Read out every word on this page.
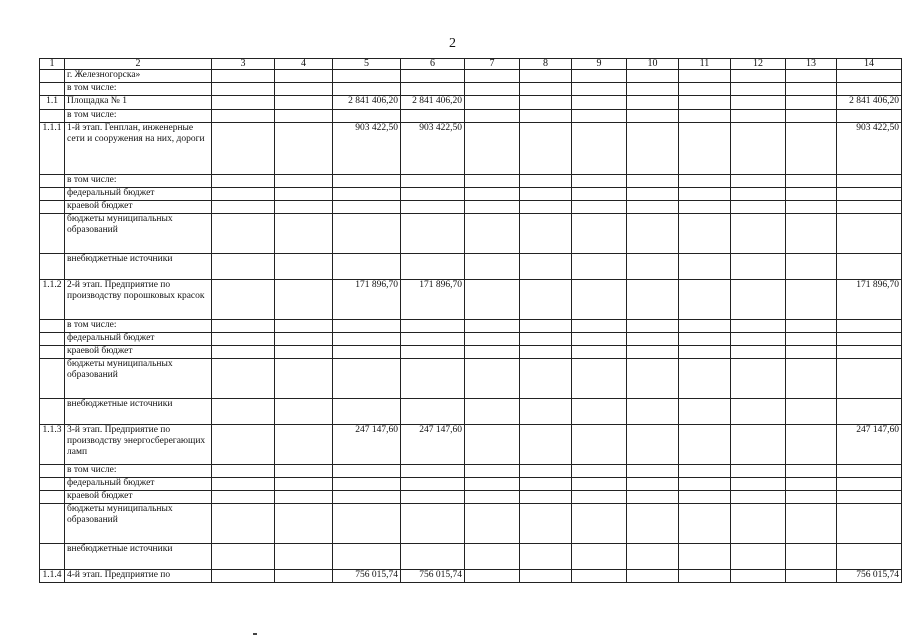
2
1	2	3	4	5	6	7	8	9	10	11	12	13	14
	г. Железногорска»												
	в том числе:												
1.1	Площадка № 1			2 841 406,20	2 841 406,20								2 841 406,20
	в том числе:												
1.1.1	1-й этап. Генплан, инженерные сети и сооружения на них, дороги			903 422,50	903 422,50								903 422,50
	в том числе:												
	федеральный бюджет												
	краевой бюджет												
	бюджеты муниципальных образований												
	внебюджетные источники												
1.1.2	2-й этап. Предприятие по производству порошковых красок			171 896,70	171 896,70								171 896,70
	в том числе:												
	федеральный бюджет												
	краевой бюджет												
	бюджеты муниципальных образований												
	внебюджетные источники												
1.1.3	3-й этап. Предприятие по производству энергосберегающих ламп			247 147,60	247 147,60								247 147,60
	в том числе:												
	федеральный бюджет												
	краевой бюджет												
	бюджеты муниципальных образований												
	внебюджетные источники												
1.1.4	4-й этап. Предприятие по			756 015,74	756 015,74								756 015,74
